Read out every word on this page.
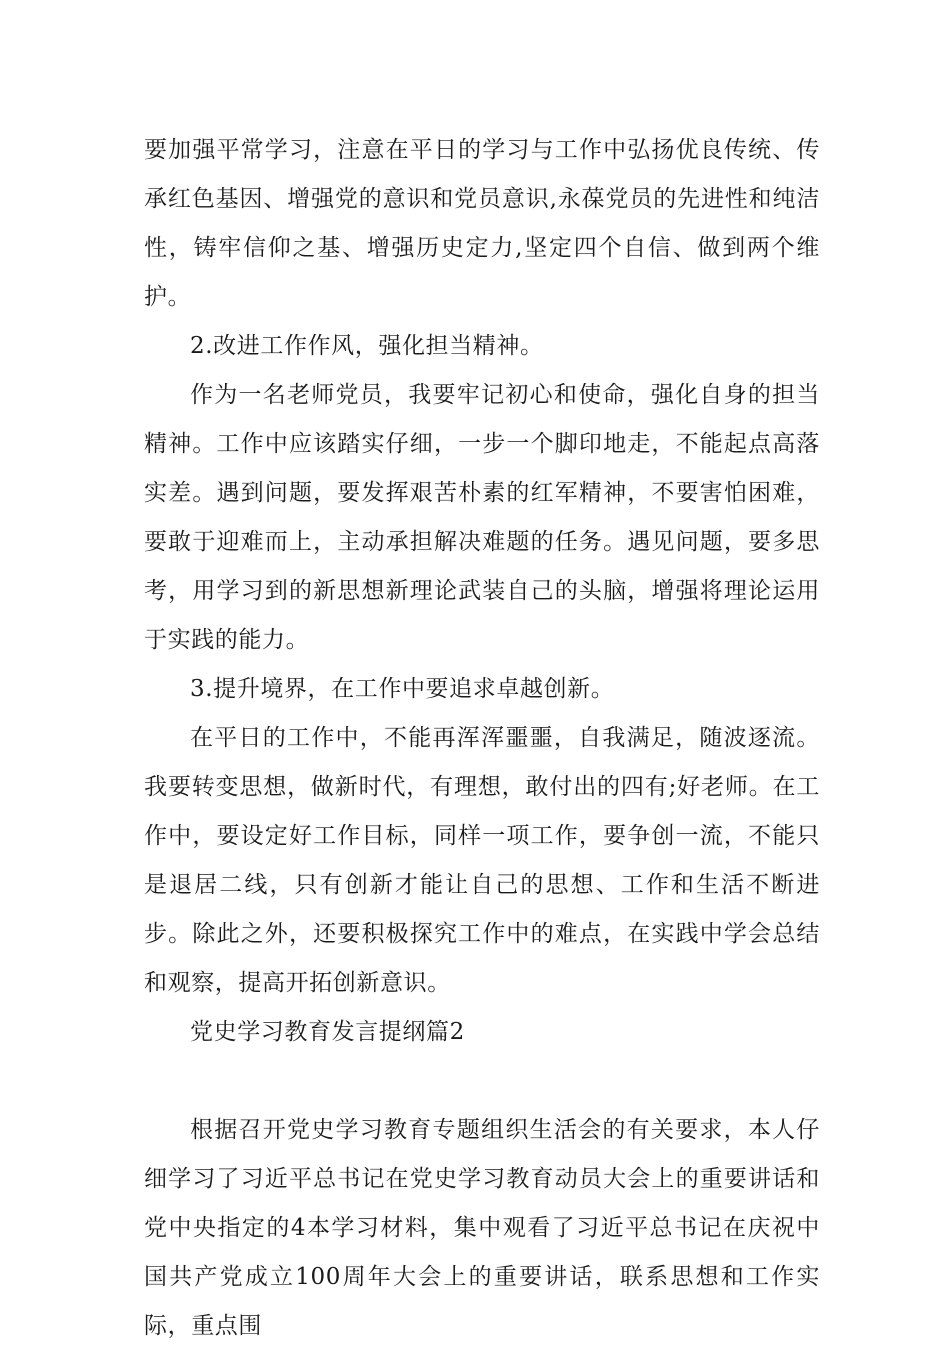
要加强平常学习，注意在平日的学习与工作中弘扬优良传统、传承红色基因、增强党的意识和党员意识,永葆党员的先进性和纯洁性，铸牢信仰之基、增强历史定力,坚定四个自信、做到两个维护。

2.改进工作作风，强化担当精神。

作为一名老师党员，我要牢记初心和使命，强化自身的担当精神。工作中应该踏实仔细，一步一个脚印地走，不能起点高落实差。遇到问题，要发挥艰苦朴素的红军精神，不要害怕困难，要敢于迎难而上，主动承担解决难题的任务。遇见问题，要多思考，用学习到的新思想新理论武装自己的头脑，增强将理论运用于实践的能力。

3.提升境界，在工作中要追求卓越创新。

在平日的工作中，不能再浑浑噩噩，自我满足，随波逐流。我要转变思想，做新时代，有理想，敢付出的四有;好老师。在工作中，要设定好工作目标，同样一项工作，要争创一流，不能只是退居二线，只有创新才能让自己的思想、工作和生活不断进步。除此之外，还要积极探究工作中的难点，在实践中学会总结和观察，提高开拓创新意识。

党史学习教育发言提纲篇2

根据召开党史学习教育专题组织生活会的有关要求，本人仔细学习了习近平总书记在党史学习教育动员大会上的重要讲话和党中央指定的4本学习材料，集中观看了习近平总书记在庆祝中国共产党成立100周年大会上的重要讲话，联系思想和工作实际，重点围
